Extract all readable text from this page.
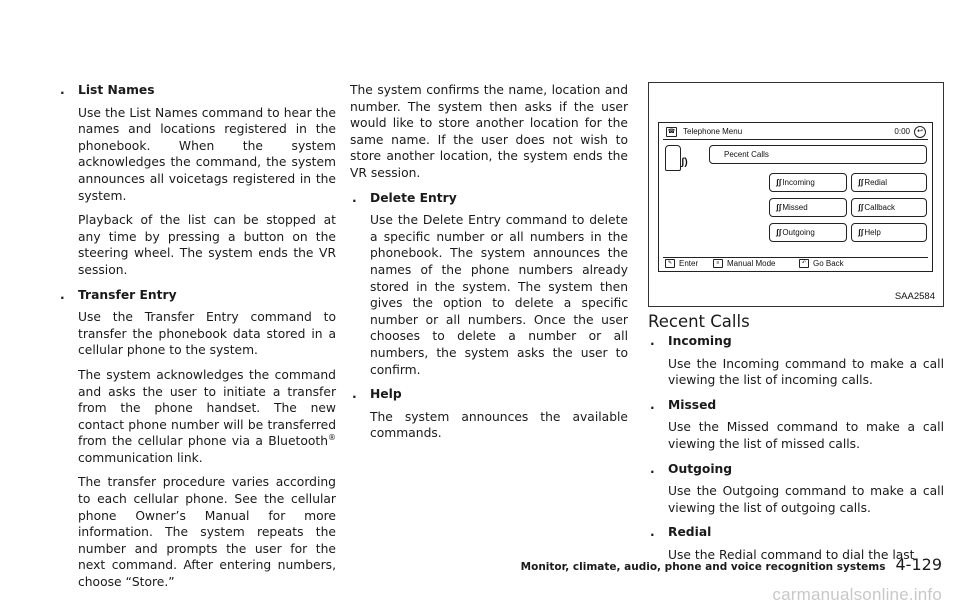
. List Names

Use the List Names command to hear the names and locations registered in the phonebook. When the system acknowledges the command, the system announces all voicetags registered in the system.

Playback of the list can be stopped at any time by pressing a button on the steering wheel. The system ends the VR session.

. Transfer Entry

Use the Transfer Entry command to transfer the phonebook data stored in a cellular phone to the system.

The system acknowledges the command and asks the user to initiate a transfer from the phone handset. The new contact phone number will be transferred from the cellular phone via a Bluetooth® communication link.

The transfer procedure varies according to each cellular phone. See the cellular phone Owner’s Manual for more information. The system repeats the number and prompts the user for the next command. After entering numbers, choose “Store.”

The system confirms the name, location and number. The system then asks if the user would like to store another location for the same name. If the user does not wish to store another location, the system ends the VR session.

. Delete Entry

Use the Delete Entry command to delete a specific number or all numbers in the phonebook. The system announces the names of the phone numbers already stored in the system. The system then gives the option to delete a specific number or all numbers. Once the user chooses to delete a number or all numbers, the system asks the user to confirm.

. Help

The system announces the available commands.

☎ Telephone Menu	0:00	↩
ʃ)
Pecent Calls
ʃʃIncoming	ʃʃRedial
ʃʃMissed	ʃʃCallback
ʃʃOutgoing	ʃʃHelp
✎ Enter	≡ Manual Mode	↶ Go Back
SAA2584
Recent Calls
. Incoming

Use the Incoming command to make a call viewing the list of incoming calls.

. Missed

Use the Missed command to make a call viewing the list of missed calls.

. Outgoing

Use the Outgoing command to make a call viewing the list of outgoing calls.

. Redial

Use the Redial command to dial the last

Monitor, climate, audio, phone and voice recognition systems 4-129
carmanualsonline.info
